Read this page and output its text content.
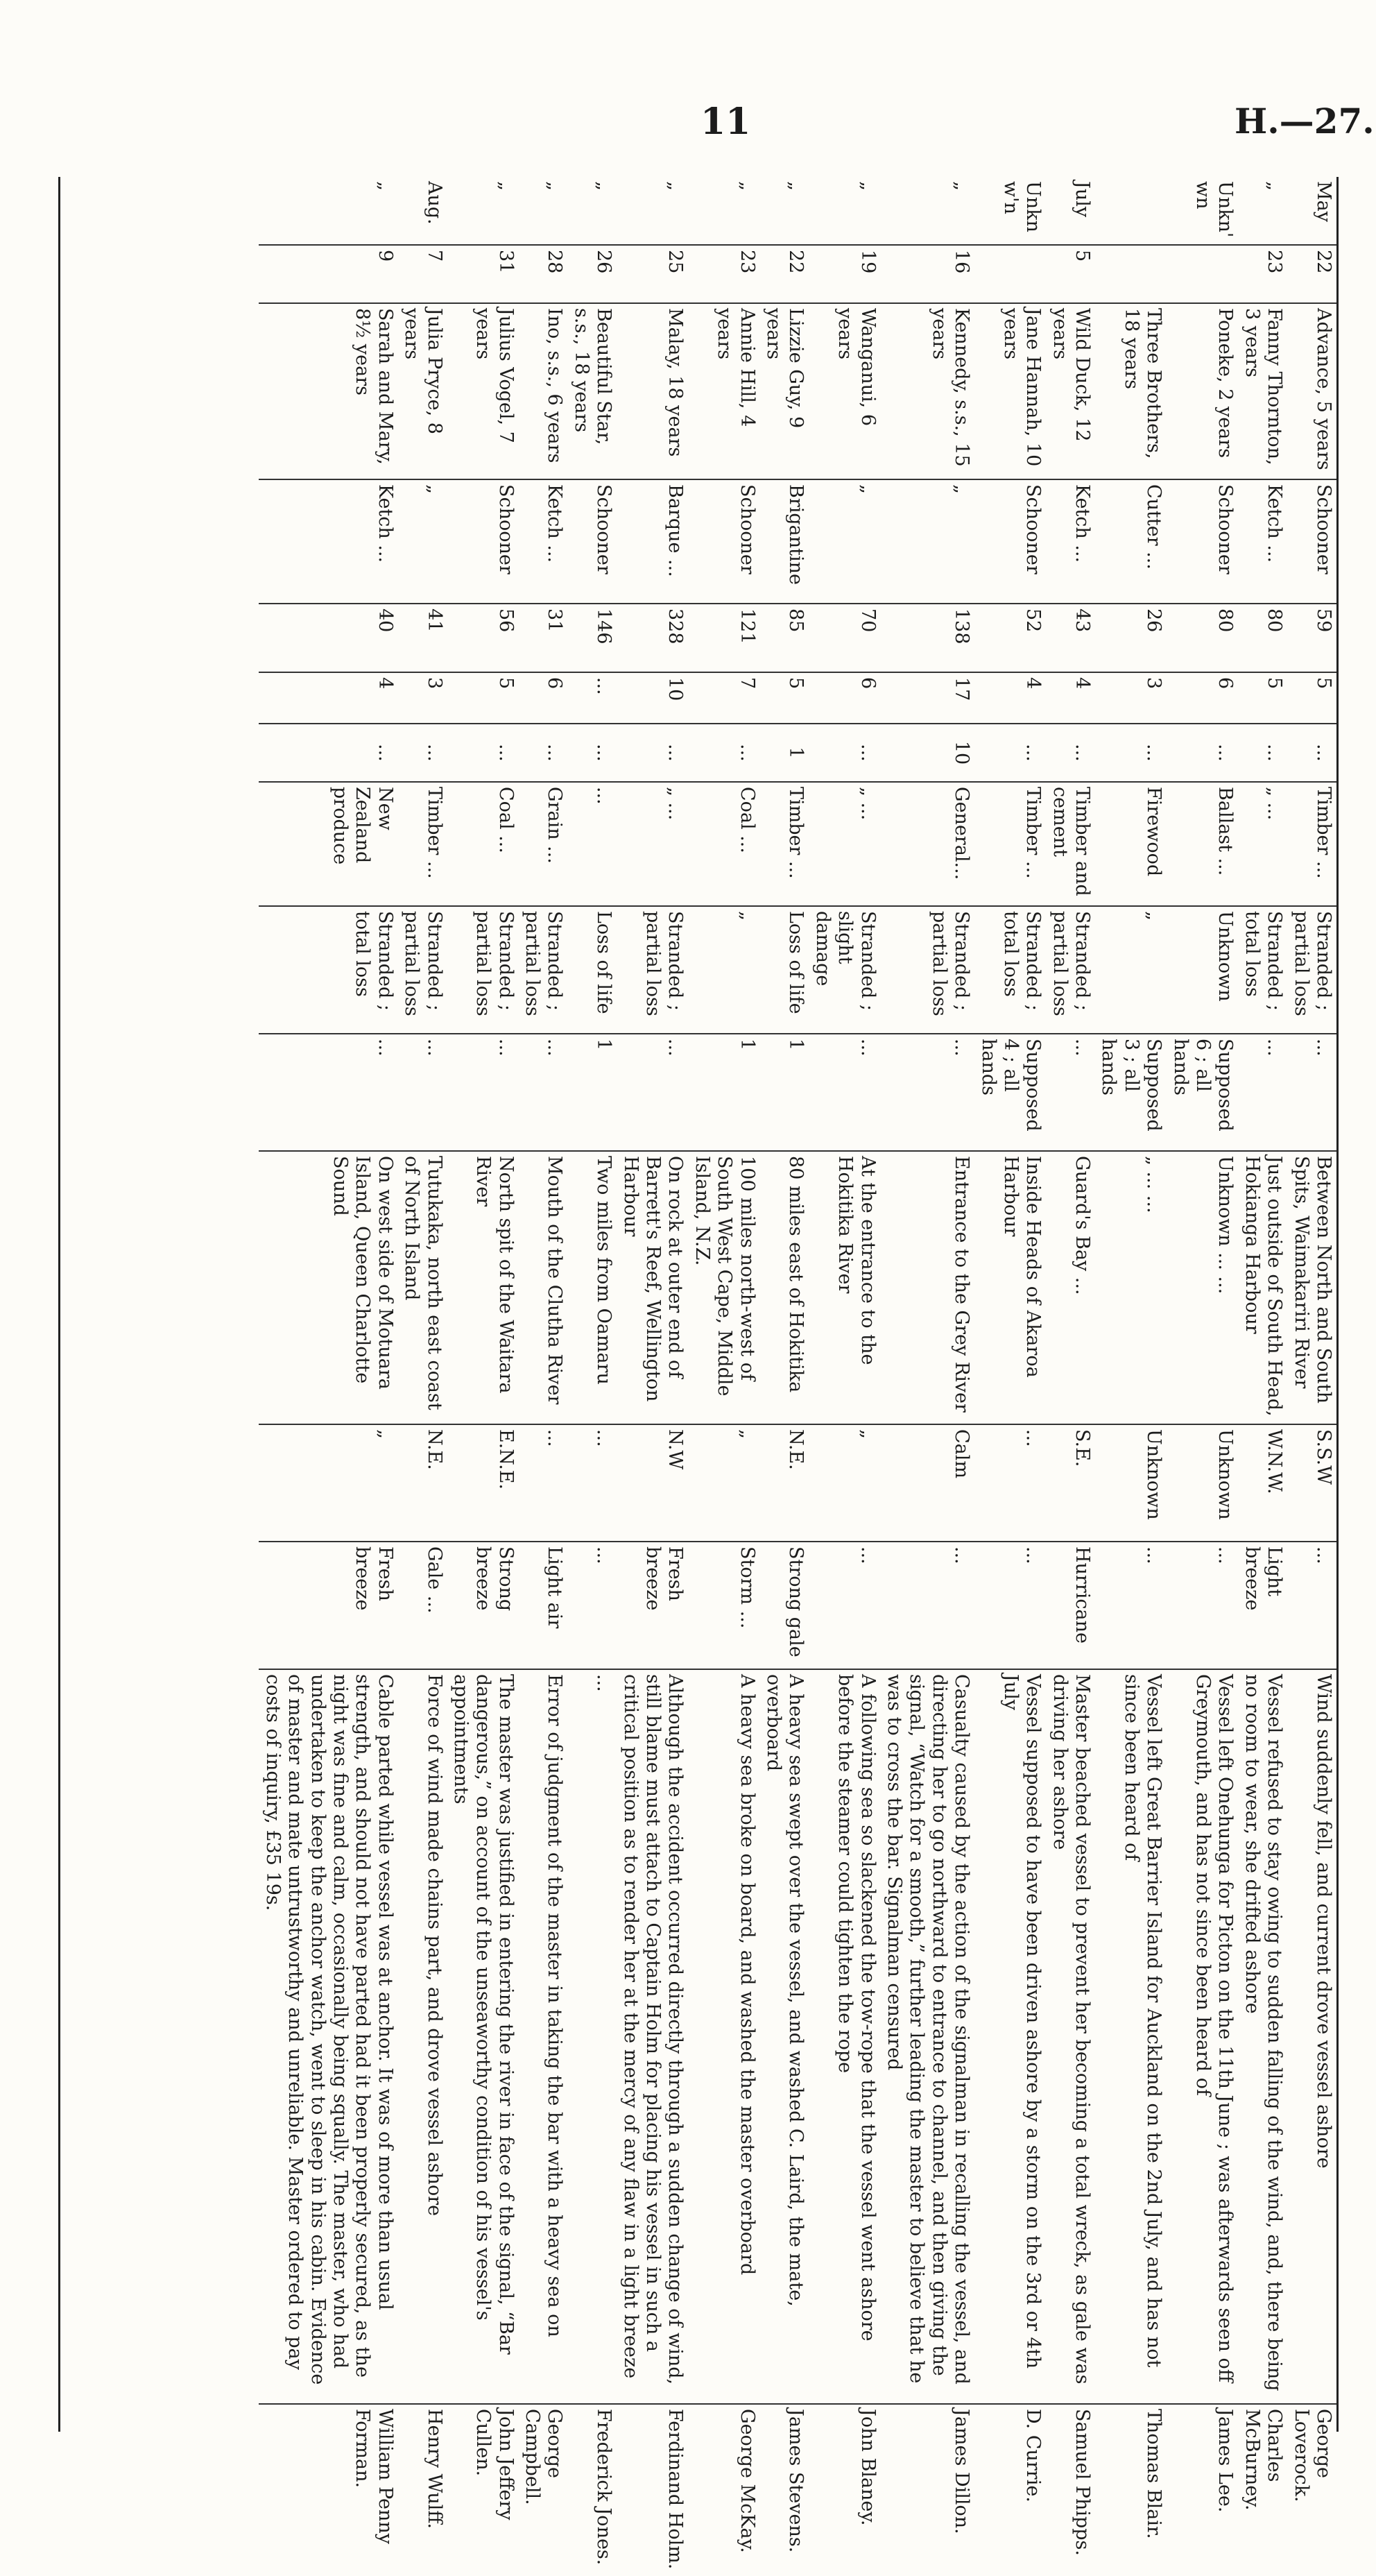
11	H.—27.
May	22	Advance, 5 years	Schooner	59	5	...	Timber ...	Stranded ; partial loss	...	Between North and South Spits, Waimakariri River	S.S.W	...	Wind suddenly fell, and current drove vessel ashore	George Loverock.
„	23	Fanny Thornton, 3 years	Ketch ...	80	5	...	„ ...	Stranded ; total loss	...	Just outside of South Head, Hokianga Harbour	W.N.W.	Light breeze	Vessel refused to stay owing to sudden falling of the wind, and, there being no room to wear, she drifted ashore	Charles McBurney.
Unkn'wn		Poneke, 2 years	Schooner	80	6	...	Ballast ...	Unknown	Supposed 6 ; all hands	Unknown ... ...	Unknown	...	Vessel left Onehunga for Picton on the 11th June ; was afterwards seen off Greymouth, and has not since been heard of	James Lee.
		Three Brothers, 18 years	Cutter ...	26	3	...	Firewood	„	Supposed 3 ; all hands	„ ... ...	Unknown	...	Vessel left Great Barrier Island for Auckland on the 2nd July, and has not since been heard of	Thomas Blair.
July	5	Wild Duck, 12 years	Ketch ...	43	4	...	Timber and cement	Stranded ; partial loss	...	Guard's Bay ...	S.E.	Hurricane	Master beached vessel to prevent her becoming a total wreck, as gale was driving her ashore	Samuel Phipps.
Unknw'n		Jane Hannah, 10 years	Schooner	52	4	...	Timber ...	Stranded ; total loss	Supposed 4 ; all hands	Inside Heads of Akaroa Harbour	...	...	Vessel supposed to have been driven ashore by a storm on the 3rd or 4th July	D. Currie.
„	16	Kennedy, s.s., 15 years	„	138	17	10	General...	Stranded ; partial loss	...	Entrance to the Grey River	Calm	...	Casualty caused by the action of the signalman in recalling the vessel, and directing her to go northward to entrance to channel, and then giving the signal, “Watch for a smooth,” further leading the master to believe that he was to cross the bar. Signalman censured	James Dillon.
„	19	Wanganui, 6 years	„	70	6	...	„ ...	Stranded ; slight damage	...	At the entrance to the Hokitika River	„	...	A following sea so slackened the tow-rope that the vessel went ashore before the steamer could tighten the rope	John Blaney.
„	22	Lizzie Guy, 9 years	Brigantine	85	5	1	Timber ...	Loss of life	1	80 miles east of Hokitika	N.E.	Strong gale	A heavy sea swept over the vessel, and washed C. Laird, the mate, overboard	James Stevens.
„	23	Annie Hill, 4 years	Schooner	121	7	...	Coal ...	„	1	100 miles north-west of South West Cape, Middle Island, N.Z.	„	Storm ...	A heavy sea broke on board, and washed the master overboard	George McKay.
„	25	Malay, 18 years	Barque ...	328	10	...	„ ...	Stranded ; partial loss	...	On rock at outer end of Barrett's Reef, Wellington Harbour	N.W	Fresh breeze	Although the accident occurred directly through a sudden change of wind, still blame must attach to Captain Holm for placing his vessel in such a critical position as to render her at the mercy of any flaw in a light breeze	Ferdinand Holm.
„	26	Beautiful Star, s.s., 18 years	Schooner	146	...	...	...	Loss of life	1	Two miles from Oamaru	...	...	...	Frederick Jones.
„	28	Ino, s.s., 6 years	Ketch ...	31	6	...	Grain ...	Stranded ; partial loss	...	Mouth of the Clutha River	...	Light air	Error of judgment of the master in taking the bar with a heavy sea on	George Campbell.
„	31	Julius Vogel, 7 years	Schooner	56	5	...	Coal ...	Stranded ; partial loss	...	North spit of the Waitara River	E.N.E.	Strong breeze	The master was justified in entering the river in face of the signal, “Bar dangerous,” on account of the unseaworthy condition of his vessel's appointments	John Jeffery Cullen.
Aug.	7	Julia Pryce, 8 years	„	41	3	...	Timber ...	Stranded ; partial loss	...	Tutukaka, north east coast of North Island	N.E.	Gale ...	Force of wind made chains part, and drove vessel ashore	Henry Wulff.
„	9	Sarah and Mary, 8½ years	Ketch ...	40	4	...	New Zealand produce	Stranded ; total loss	...	On west side of Motuara Island, Queen Charlotte Sound	„	Fresh breeze	Cable parted while vessel was at anchor. It was of more than usual strength, and should not have parted had it been properly secured, as the night was fine and calm, occasionally being squally. The master, who had undertaken to keep the anchor watch, went to sleep in his cabin. Evidence of master and mate untrustworthy and unreliable. Master ordered to pay costs of inquiry, £35 19s.	William Penny Forman.
